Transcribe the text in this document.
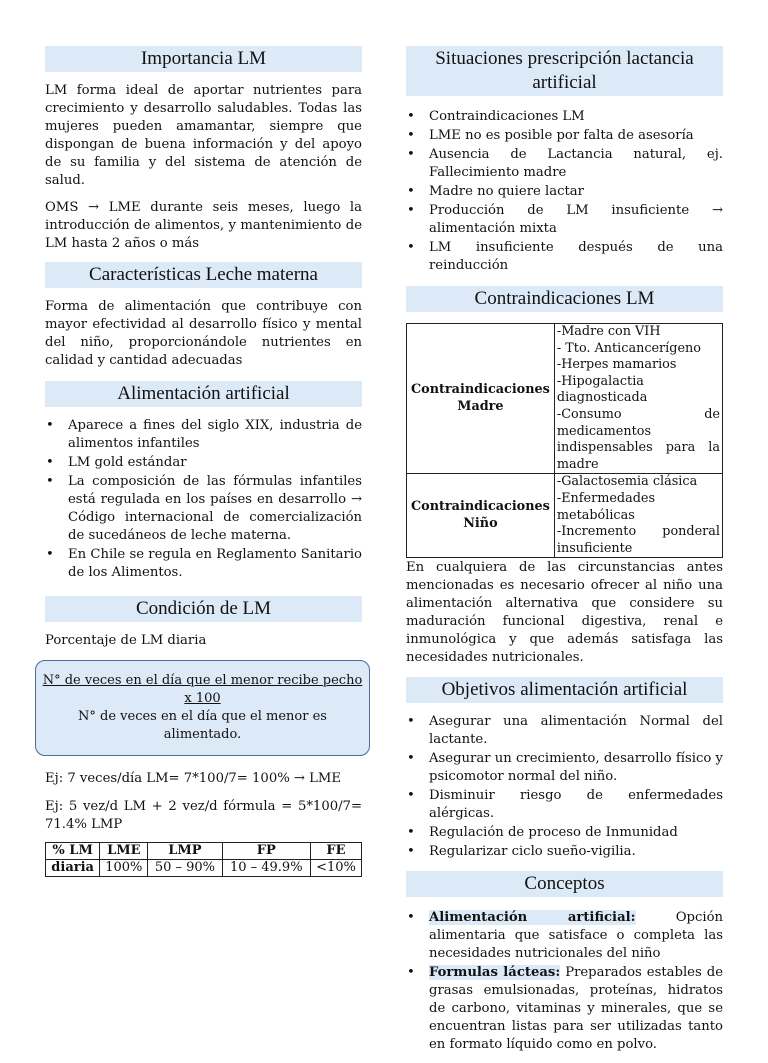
Importancia LM

LM forma ideal de aportar nutrientes para crecimiento y desarrollo saludables. Todas las mujeres pueden amamantar, siempre que dispongan de buena información y del apoyo de su familia y del sistema de atención de salud.

OMS → LME durante seis meses, luego la introducción de alimentos, y mantenimiento de LM hasta 2 años o más

Características Leche materna

Forma de alimentación que contribuye con mayor efectividad al desarrollo físico y mental del niño, proporcionándole nutrientes en calidad y cantidad adecuadas

Alimentación artificial
• Aparece a fines del siglo XIX, industria de alimentos infantiles
• LM gold estándar
• La composición de las fórmulas infantiles está regulada en los países en desarrollo → Código internacional de comercialización de sucedáneos de leche materna.
• En Chile se regula en Reglamento Sanitario de los Alimentos.
Condición de LM

Porcentaje de LM diaria

N° de veces en el día que el menor recibe pecho x 100
N° de veces en el día que el menor es alimentado.

Ej: 7 veces/día LM= 7*100/7= 100% → LME

Ej: 5 vez/d LM + 2 vez/d fórmula = 5*100/7= 71.4% LMP

% LM	LME	LMP	FP	FE
diaria	100%	50 – 90%	10 – 49.9%	<10%
Situaciones prescripción lactancia artificial
• Contraindicaciones LM
• LME no es posible por falta de asesoría
• Ausencia de Lactancia natural, ej. Fallecimiento madre
• Madre no quiere lactar
• Producción de LM insuficiente → alimentación mixta
• LM insuficiente después de una reinducción
Contraindicaciones LM
Contraindicaciones Madre	-Madre con VIH
- Tto. Anticancerígeno
-Herpes mamarios
-Hipogalactia diagnosticada
-Consumo de medicamentos indispensables para la madre

Contraindicaciones Niño	-Galactosemia clásica
-Enfermedades metabólicas
-Incremento ponderal insuficiente

En cualquiera de las circunstancias antes mencionadas es necesario ofrecer al niño una alimentación alternativa que considere su maduración funcional digestiva, renal e inmunológica y que además satisfaga las necesidades nutricionales.

Objetivos alimentación artificial
• Asegurar una alimentación Normal del lactante.
• Asegurar un crecimiento, desarrollo físico y psicomotor normal del niño.
• Disminuir riesgo de enfermedades alérgicas.
• Regulación de proceso de Inmunidad
• Regularizar ciclo sueño-vigilia.
Conceptos
• Alimentación artificial: Opción alimentaria que satisface o completa las necesidades nutricionales del niño
• Formulas lácteas: Preparados estables de grasas emulsionadas, proteínas, hidratos de carbono, vitaminas y minerales, que se encuentran listas para ser utilizadas tanto en formato líquido como en polvo.
